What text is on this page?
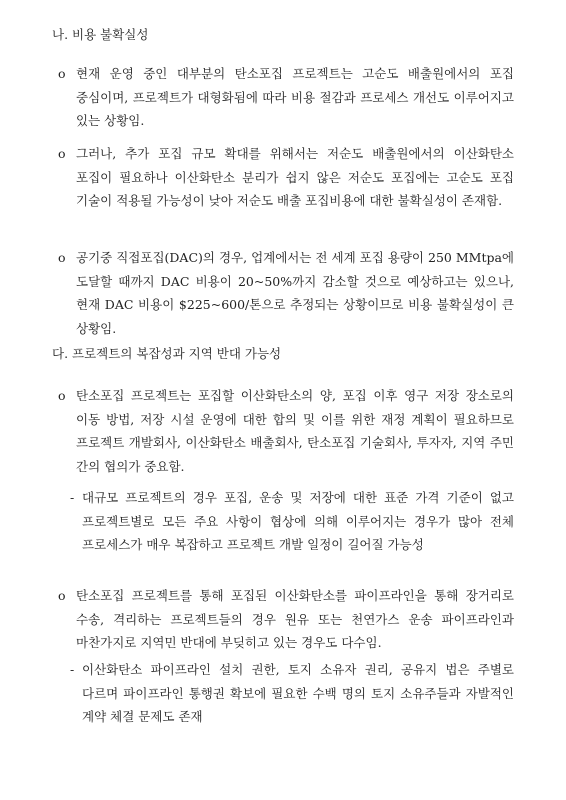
나. 비용 불확실성
o 현재 운영 중인 대부분의 탄소포집 프로젝트는 고순도 배출원에서의 포집 중심이며, 프로젝트가 대형화됨에 따라 비용 절감과 프로세스 개선도 이루어지고 있는 상황임.
o 그러나, 추가 포집 규모 확대를 위해서는 저순도 배출원에서의 이산화탄소 포집이 필요하나 이산화탄소 분리가 쉽지 않은 저순도 포집에는 고순도 포집 기술이 적용될 가능성이 낮아 저순도 배출 포집비용에 대한 불확실성이 존재함.
o 공기중 직접포집(DAC)의 경우, 업계에서는 전 세계 포집 용량이 250 MMtpa에 도달할 때까지 DAC 비용이 20~50%까지 감소할 것으로 예상하고는 있으나, 현재 DAC 비용이 $225~600/톤으로 추정되는 상황이므로 비용 불확실성이 큰 상황임.
다. 프로젝트의 복잡성과 지역 반대 가능성
o 탄소포집 프로젝트는 포집할 이산화탄소의 양, 포집 이후 영구 저장 장소로의 이동 방법, 저장 시설 운영에 대한 합의 및 이를 위한 재정 계획이 필요하므로 프로젝트 개발회사, 이산화탄소 배출회사, 탄소포집 기술회사, 투자자, 지역 주민 간의 협의가 중요함.
- 대규모 프로젝트의 경우 포집, 운송 및 저장에 대한 표준 가격 기준이 없고 프로젝트별로 모든 주요 사항이 협상에 의해 이루어지는 경우가 많아 전체 프로세스가 매우 복잡하고 프로젝트 개발 일정이 길어질 가능성
o 탄소포집 프로젝트를 통해 포집된 이산화탄소를 파이프라인을 통해 장거리로 수송, 격리하는 프로젝트들의 경우 원유 또는 천연가스 운송 파이프라인과 마찬가지로 지역민 반대에 부딪히고 있는 경우도 다수임.
- 이산화탄소 파이프라인 설치 권한, 토지 소유자 권리, 공유지 법은 주별로 다르며 파이프라인 통행권 확보에 필요한 수백 명의 토지 소유주들과 자발적인 계약 체결 문제도 존재
